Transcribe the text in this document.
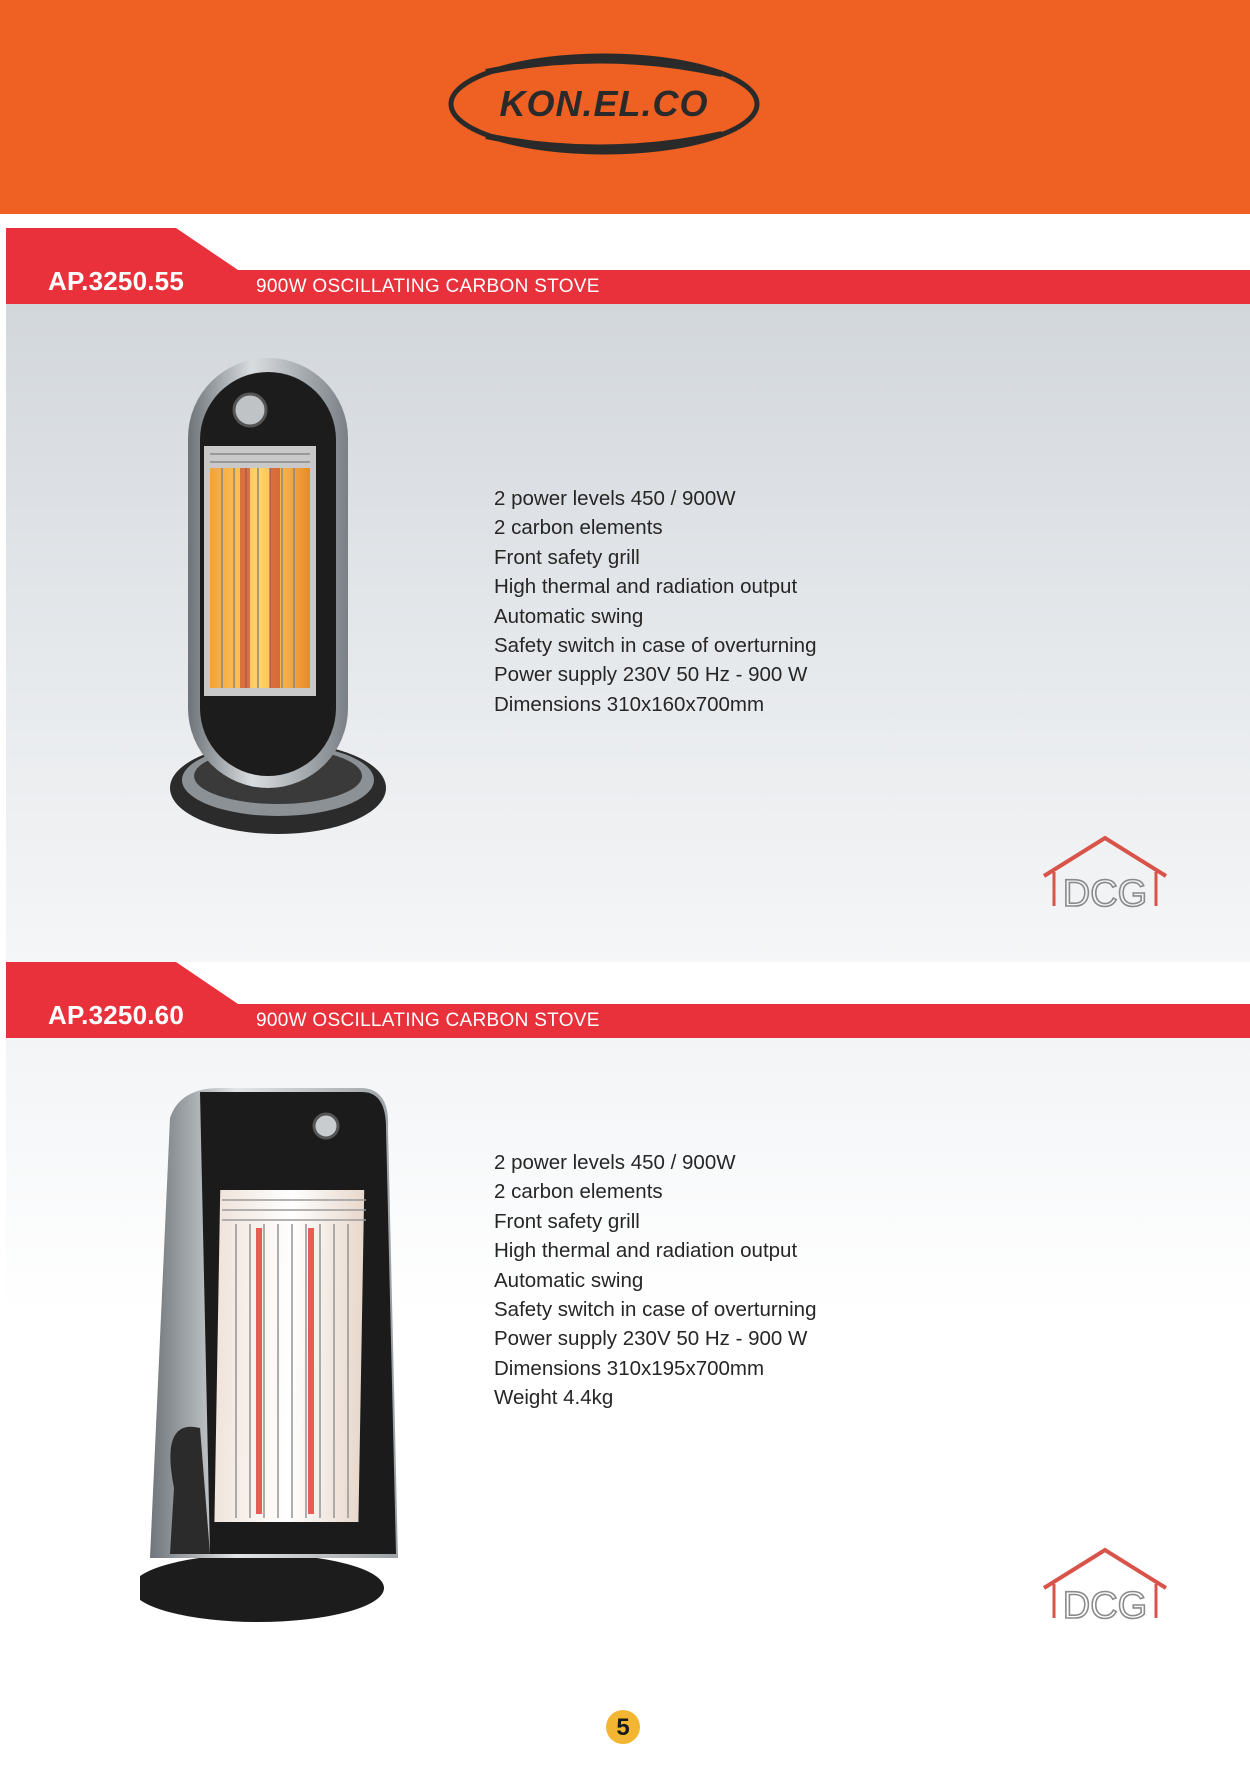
KON.EL.CO
AP.3250.55	900W OSCILLATING CARBON STOVE
2 power levels 450 / 900W
2 carbon elements
Front safety grill
High thermal and radiation output
Automatic swing
Safety switch in case of overturning
Power supply 230V 50 Hz - 900 W
Dimensions 310x160x700mm
DCG
AP.3250.60	900W OSCILLATING CARBON STOVE
2 power levels 450 / 900W
2 carbon elements
Front safety grill
High thermal and radiation output
Automatic swing
Safety switch in case of overturning
Power supply 230V 50 Hz - 900 W
Dimensions 310x195x700mm
Weight 4.4kg
DCG
5
